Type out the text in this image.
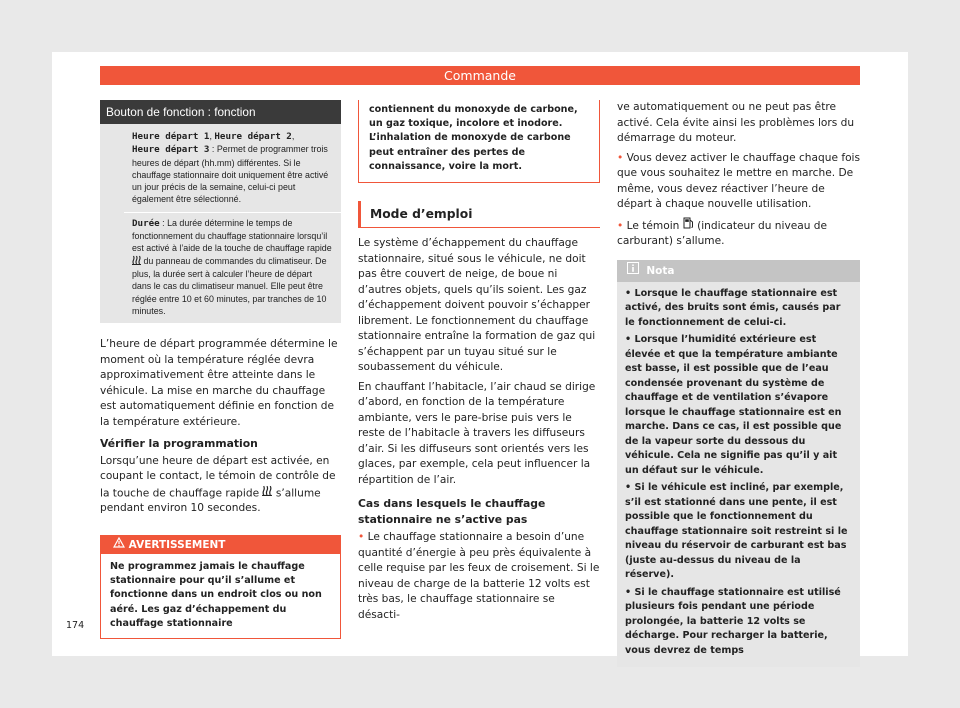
Commande
Bouton de fonction : fonction

Heure départ 1, Heure départ 2,
Heure départ 3 : Permet de programmer trois heures de départ (hh.mm) différentes. Si le chauffage stationnaire doit uniquement être activé un jour précis de la semaine, celui-ci peut également être sélectionné.

Durée : La durée détermine le temps de fonctionnement du chauffage stationnaire lorsqu’il est activé à l’aide de la touche de chauffage rapide  du panneau de commandes du climatiseur. De plus, la durée sert à calculer l’heure de départ dans le cas du climatiseur manuel. Elle peut être réglée entre 10 et 60 minutes, par tranches de 10 minutes.

L’heure de départ programmée détermine le moment où la température réglée devra approximativement être atteinte dans le véhicule. La mise en marche du chauffage est automatiquement définie en fonction de la température extérieure.

Vérifier la programmation

Lorsqu’une heure de départ est activée, en coupant le contact, le témoin de contrôle de la touche de chauffage rapide  s’allume pendant environ 10 secondes.

AVERTISSEMENT

Ne programmez jamais le chauffage stationnaire pour qu’il s’allume et fonctionne dans un endroit clos ou non aéré. Les gaz d’échappement du chauffage stationnaire

contiennent du monoxyde de carbone, un gaz toxique, incolore et inodore. L’inhalation de monoxyde de carbone peut entraîner des pertes de connaissance, voire la mort.

Mode d’emploi

Le système d’échappement du chauffage stationnaire, situé sous le véhicule, ne doit pas être couvert de neige, de boue ni d’autres objets, quels qu’ils soient. Les gaz d’échappement doivent pouvoir s’échapper librement. Le fonctionnement du chauffage stationnaire entraîne la formation de gaz qui s’échappent par un tuyau situé sur le soubassement du véhicule.

En chauffant l’habitacle, l’air chaud se dirige d’abord, en fonction de la température ambiante, vers le pare-brise puis vers le reste de l’habitacle à travers les diffuseurs d’air. Si les diffuseurs sont orientés vers les glaces, par exemple, cela peut influencer la répartition de l’air.

Cas dans lesquels le chauffage stationnaire ne s’active pas

• Le chauffage stationnaire a besoin d’une quantité d’énergie à peu près équivalente à celle requise par les feux de croisement. Si le niveau de charge de la batterie 12 volts est très bas, le chauffage stationnaire se désacti-

ve automatiquement ou ne peut pas être activé. Cela évite ainsi les problèmes lors du démarrage du moteur.

• Vous devez activer le chauffage chaque fois que vous souhaitez le mettre en marche. De même, vous devez réactiver l’heure de départ à chaque nouvelle utilisation.

• Le témoin  (indicateur du niveau de carburant) s’allume.

Nota

• Lorsque le chauffage stationnaire est activé, des bruits sont émis, causés par le fonctionnement de celui-ci.

• Lorsque l’humidité extérieure est élevée et que la température ambiante est basse, il est possible que de l’eau condensée provenant du système de chauffage et de ventilation s’évapore lorsque le chauffage stationnaire est en marche. Dans ce cas, il est possible que de la vapeur sorte du dessous du véhicule. Cela ne signifie pas qu’il y ait un défaut sur le véhicule.

• Si le véhicule est incliné, par exemple, s’il est stationné dans une pente, il est possible que le fonctionnement du chauffage stationnaire soit restreint si le niveau du réservoir de carburant est bas (juste au-dessus du niveau de la réserve).

• Si le chauffage stationnaire est utilisé plusieurs fois pendant une période prolongée, la batterie 12 volts se décharge. Pour recharger la batterie, vous devrez de temps

174
